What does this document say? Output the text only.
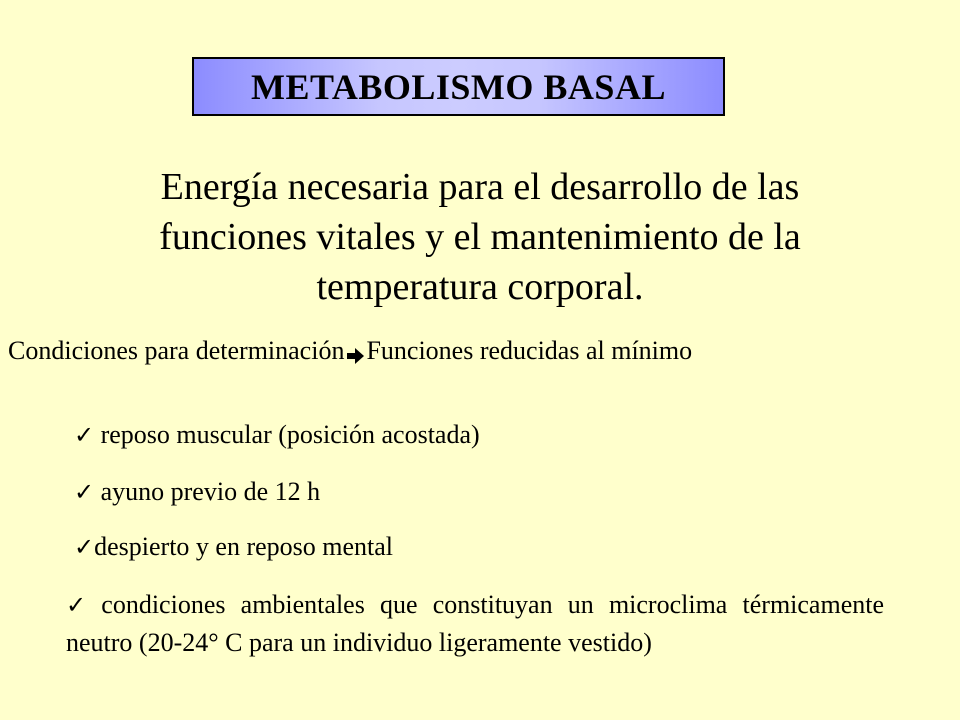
METABOLISMO BASAL
Energía necesaria para el desarrollo de las
funciones vitales y el mantenimiento de la
temperatura corporal.
Condiciones para determinación Funciones reducidas al mínimo
✓ reposo muscular (posición acostada)
✓ ayuno previo de 12 h
✓despierto y en reposo mental
✓ condiciones ambientales que constituyan un microclima térmicamente neutro (20-24° C para un individuo ligeramente vestido)
